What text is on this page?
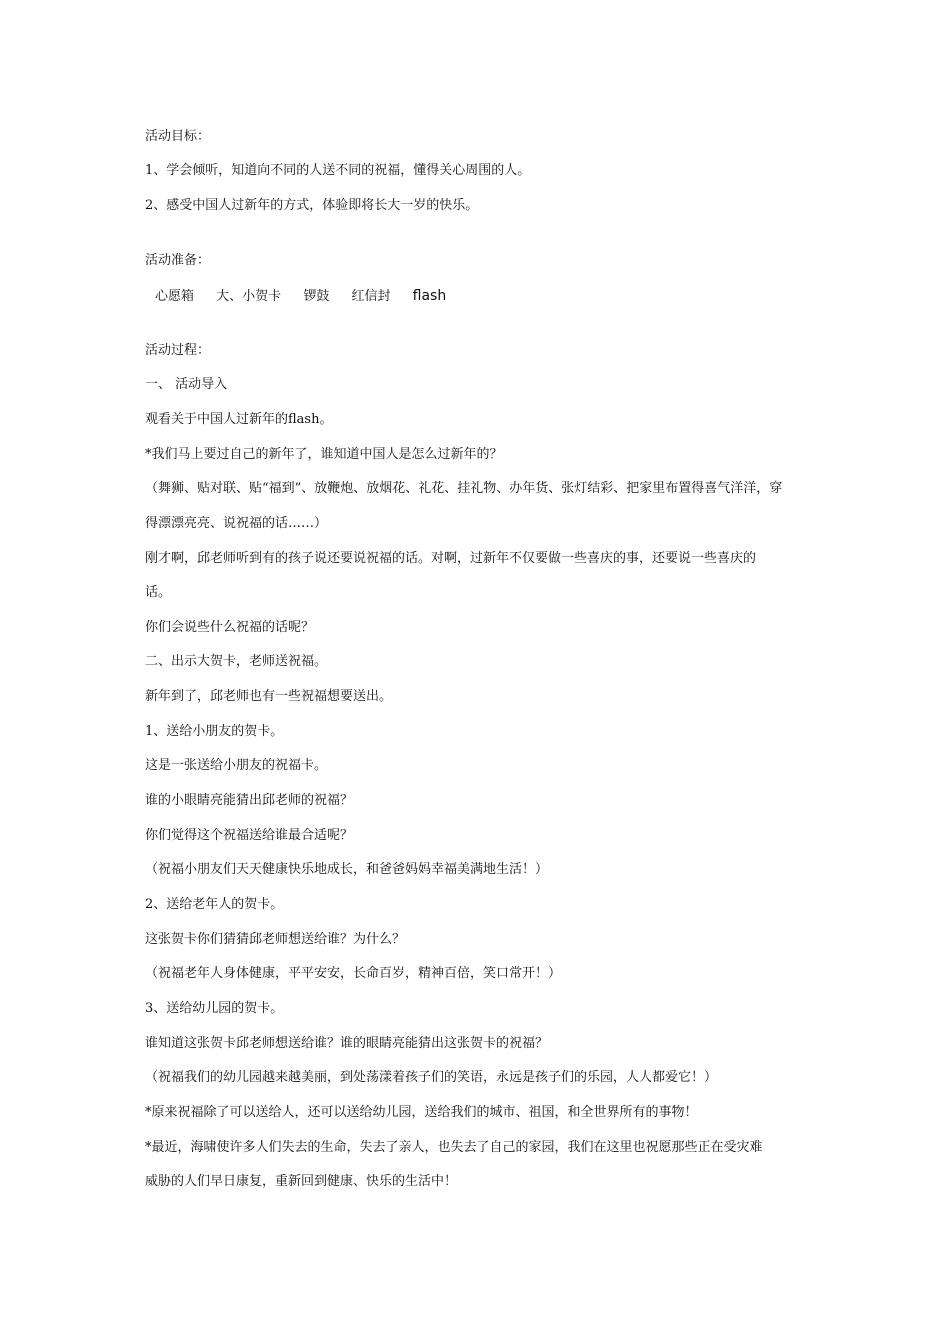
活动目标：
1、学会倾听，知道向不同的人送不同的祝福，懂得关心周围的人。
2、感受中国人过新年的方式，体验即将长大一岁的快乐。
活动准备：
心愿箱 大、小贺卡 锣鼓 红信封 flash
活动过程：
一、 活动导入
观看关于中国人过新年的flash。
*我们马上要过自己的新年了，谁知道中国人是怎么过新年的？
（舞狮、贴对联、贴“福到”、放鞭炮、放烟花、礼花、挂礼物、办年货、张灯结彩、把家里布置得喜气洋洋，穿
得漂漂亮亮、说祝福的话……）
刚才啊，邱老师听到有的孩子说还要说祝福的话。对啊，过新年不仅要做一些喜庆的事，还要说一些喜庆的
话。
你们会说些什么祝福的话呢？
二、出示大贺卡，老师送祝福。
新年到了，邱老师也有一些祝福想要送出。
1、送给小朋友的贺卡。
这是一张送给小朋友的祝福卡。
谁的小眼睛亮能猜出邱老师的祝福？
你们觉得这个祝福送给谁最合适呢？
（祝福小朋友们天天健康快乐地成长，和爸爸妈妈幸福美满地生活！）
2、送给老年人的贺卡。
这张贺卡你们猜猜邱老师想送给谁？为什么？
（祝福老年人身体健康，平平安安，长命百岁，精神百倍，笑口常开！）
3、送给幼儿园的贺卡。
谁知道这张贺卡邱老师想送给谁？谁的眼睛亮能猜出这张贺卡的祝福？
（祝福我们的幼儿园越来越美丽，到处荡漾着孩子们的笑语，永远是孩子们的乐园，人人都爱它！）
*原来祝福除了可以送给人，还可以送给幼儿园，送给我们的城市、祖国，和全世界所有的事物！
*最近，海啸使许多人们失去的生命，失去了亲人，也失去了自己的家园，我们在这里也祝愿那些正在受灾难
威胁的人们早日康复，重新回到健康、快乐的生活中！
